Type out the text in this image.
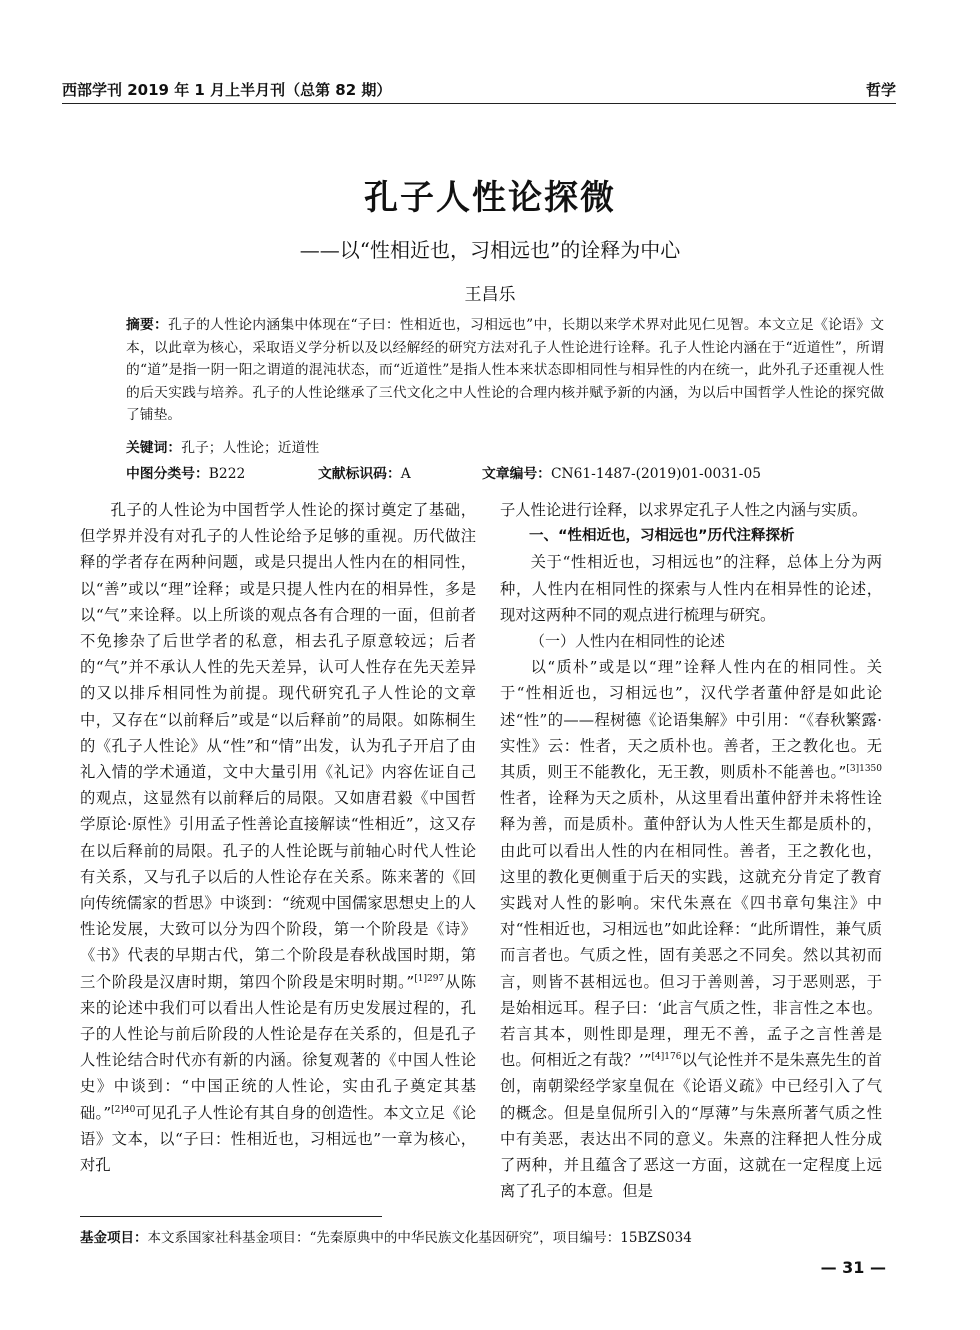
西部学刊 2019 年 1 月上半月刊（总第 82 期）	哲学
孔子人性论探微
——以“性相近也，习相远也”的诠释为中心
王昌乐
摘要：孔子的人性论内涵集中体现在“子曰：性相近也，习相远也”中，长期以来学术界对此见仁见智。本文立足《论语》文本，以此章为核心，采取语义学分析以及以经解经的研究方法对孔子人性论进行诠释。孔子人性论内涵在于“近道性”，所谓的“道”是指一阴一阳之谓道的混沌状态，而“近道性”是指人性本来状态即相同性与相异性的内在统一，此外孔子还重视人性的后天实践与培养。孔子的人性论继承了三代文化之中人性论的合理内核并赋予新的内涵，为以后中国哲学人性论的探究做了铺垫。
关键词：孔子；人性论；近道性
中图分类号：B222	文献标识码：A	文章编号：CN61-1487-(2019)01-0031-05

孔子的人性论为中国哲学人性论的探讨奠定了基础，但学界并没有对孔子的人性论给予足够的重视。历代做注释的学者存在两种问题，或是只提出人性内在的相同性，以“善”或以“理”诠释；或是只提人性内在的相异性，多是以“气”来诠释。以上所谈的观点各有合理的一面，但前者不免掺杂了后世学者的私意，相去孔子原意较远；后者的“气”并不承认人性的先天差异，认可人性存在先天差异的又以排斥相同性为前提。现代研究孔子人性论的文章中，又存在“以前释后”或是“以后释前”的局限。如陈桐生的《孔子人性论》从“性”和“情”出发，认为孔子开启了由礼入情的学术通道，文中大量引用《礼记》内容佐证自己的观点，这显然有以前释后的局限。又如唐君毅《中国哲学原论·原性》引用孟子性善论直接解读“性相近”，这又存在以后释前的局限。孔子的人性论既与前轴心时代人性论有关系，又与孔子以后的人性论存在关系。陈来著的《回向传统儒家的哲思》中谈到：“统观中国儒家思想史上的人性论发展，大致可以分为四个阶段，第一个阶段是《诗》《书》代表的早期古代，第二个阶段是春秋战国时期，第三个阶段是汉唐时期，第四个阶段是宋明时期。”$^{[1]297}$从陈来的论述中我们可以看出人性论是有历史发展过程的，孔子的人性论与前后阶段的人性论是存在关系的，但是孔子人性论结合时代亦有新的内涵。徐复观著的《中国人性论史》中谈到：“中国正统的人性论，实由孔子奠定其基础。”$^{[2]40}$可见孔子人性论有其自身的创造性。本文立足《论语》文本，以“子曰：性相近也，习相远也”一章为核心，对孔

子人性论进行诠释，以求界定孔子人性之内涵与实质。

一、“性相近也，习相远也”历代注释探析

关于“性相近也，习相远也”的注释，总体上分为两种，人性内在相同性的探索与人性内在相异性的论述，现对这两种不同的观点进行梳理与研究。

（一）人性内在相同性的论述

以“质朴”或是以“理”诠释人性内在的相同性。关于“性相近也，习相远也”，汉代学者董仲舒是如此论述“性”的——程树德《论语集解》中引用：“《春秋繁露·实性》云：性者，天之质朴也。善者，王之教化也。无其质，则王不能教化，无王教，则质朴不能善也。”$^{[3]1350}$性者，诠释为天之质朴，从这里看出董仲舒并未将性诠释为善，而是质朴。董仲舒认为人性天生都是质朴的，由此可以看出人性的内在相同性。善者，王之教化也，这里的教化更侧重于后天的实践，这就充分肯定了教育实践对人性的影响。宋代朱熹在《四书章句集注》中对“性相近也，习相远也”如此诠释：“此所谓性，兼气质而言者也。气质之性，固有美恶之不同矣。然以其初而言，则皆不甚相远也。但习于善则善，习于恶则恶，于是始相远耳。程子曰：‘此言气质之性，非言性之本也。若言其本，则性即是理，理无不善，孟子之言性善是也。何相近之有哉？’”$^{[4]176}$以气论性并不是朱熹先生的首创，南朝梁经学家皇侃在《论语义疏》中已经引入了气的概念。但是皇侃所引入的“厚薄”与朱熹所著气质之性中有美恶，表达出不同的意义。朱熹的注释把人性分成了两种，并且蕴含了恶这一方面，这就在一定程度上远离了孔子的本意。但是

基金项目：本文系国家社科基金项目：“先秦原典中的中华民族文化基因研究”，项目编号：15BZS034
— 31 —
